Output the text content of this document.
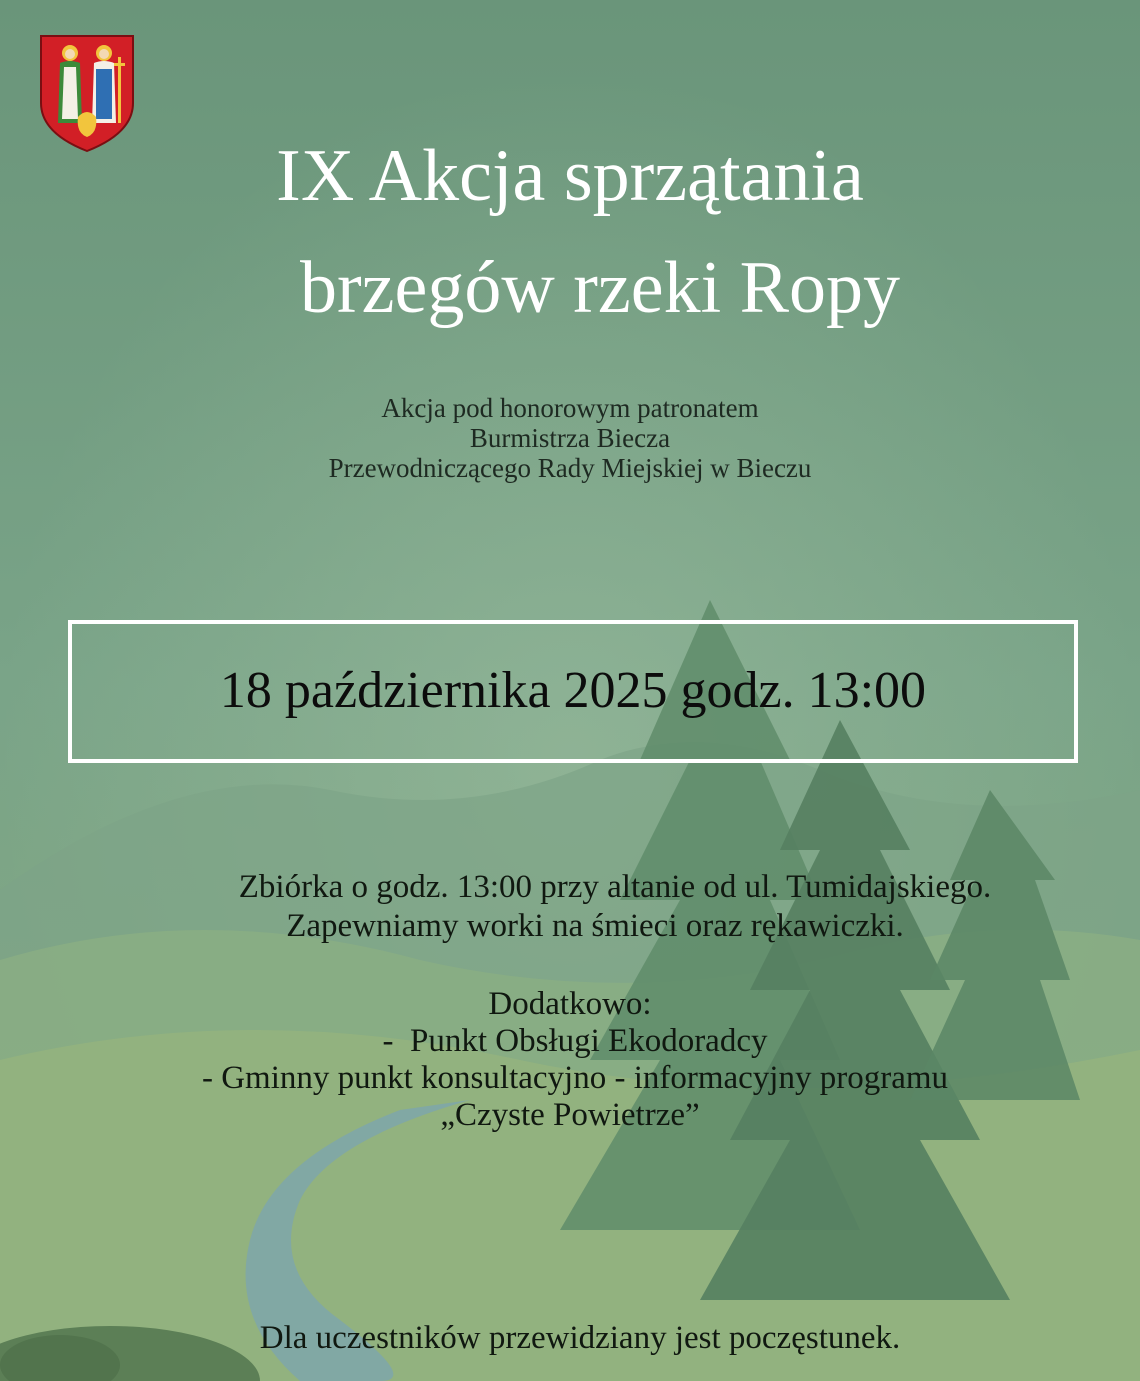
IX Akcja sprzątania
brzegów rzeki Ropy
Akcja pod honorowym patronatem
Burmistrza Biecza
Przewodniczącego Rady Miejskiej w Bieczu
18 października 2025 godz. 13:00
Zbiórka o godz. 13:00 przy altanie od ul. Tumidajskiego.
Zapewniamy worki na śmieci oraz rękawiczki.
Dodatkowo:
-  Punkt Obsługi Ekodoradcy
- Gminny punkt konsultacyjno - informacyjny programu
„Czyste Powietrze”
Dla uczestników przewidziany jest poczęstunek.
